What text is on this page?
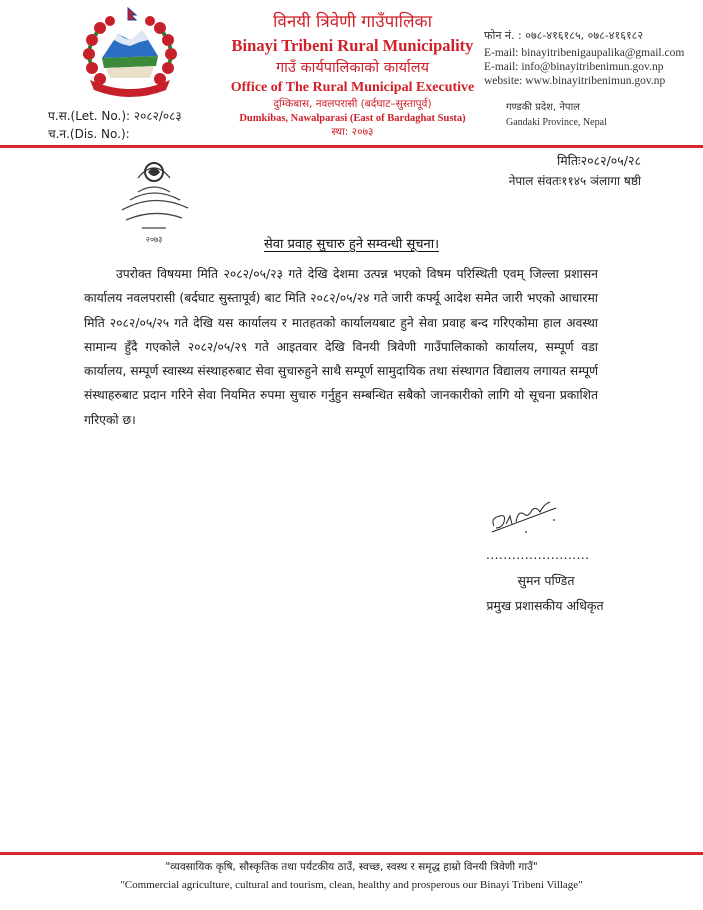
प.स.(Let. No.): २०८२/०८३
च.न.(Dis. No.):
विनयी त्रिवेणी गाउँपालिका
Binayi Tribeni Rural Municipality
गाउँ कार्यपालिकाको कार्यालय
Office of The Rural Municipal Executive
दुम्किबास, नवलपरासी (बर्दघाट–सुस्तापूर्व)
Dumkibas, Nawalparasi (East of Bardaghat Susta)
स्था: २०७३
फोन नं. : ०७८-४१६१८५, ०७८-४१६१८२
E-mail: binayitribenigaupalika@gmail.com
E-mail: info@binayitribenimun.gov.np
website: www.binayitribenimun.gov.np
गण्डकी प्रदेश, नेपाल
Gandaki Province, Nepal
मितिः२०८२/०५/२८
नेपाल संवतः११४५ ञंलागा षष्ठी
२०७३	सेवा प्रवाह सुचारु हुने सम्वन्धी सूचना।
उपरोक्त विषयमा मिति २०८२/०५/२३ गते देखि देशमा उत्पन्न भएको विषम परिस्थिती एवम् जिल्ला प्रशासन कार्यालय नवलपरासी (बर्दघाट सुस्तापूर्व) बाट मिति २०८२/०५/२४ गते जारी कर्फ्यू आदेश समेत जारी भएको आधारमा मिति २०८२/०५/२५ गते देखि यस कार्यालय र मातहतको कार्यालयबाट हुने सेवा प्रवाह बन्द गरिएकोमा हाल अवस्था सामान्य हुँदै गएकोले २०८२/०५/२९ गते आइतवार देखि विनयी त्रिवेणी गाउँपालिकाको कार्यालय, सम्पूर्ण वडा कार्यालय, सम्पूर्ण स्वास्थ्य संस्थाहरुबाट सेवा सुचारुहुने साथै सम्पूर्ण सामुदायिक तथा संस्थागत विद्यालय लगायत सम्पूर्ण संस्थाहरुबाट प्रदान गरिने सेवा नियमित रुपमा सुचारु गर्नुहुन सम्बन्धित सबैको जानकारीको लागि यो सूचना प्रकाशित गरिएको छ।
........................
सुमन पण्डित
प्रमुख प्रशासकीय अधिकृत
"व्यवसायिक कृषि, सौस्कृतिक तथा पर्यटकीय ठाउँ, स्वच्छ, स्वस्थ र समृद्ध हाम्रो विनयी त्रिवेणी गाउँ"
"Commercial agriculture, cultural and tourism, clean, healthy and prosperous our Binayi Tribeni Village"
